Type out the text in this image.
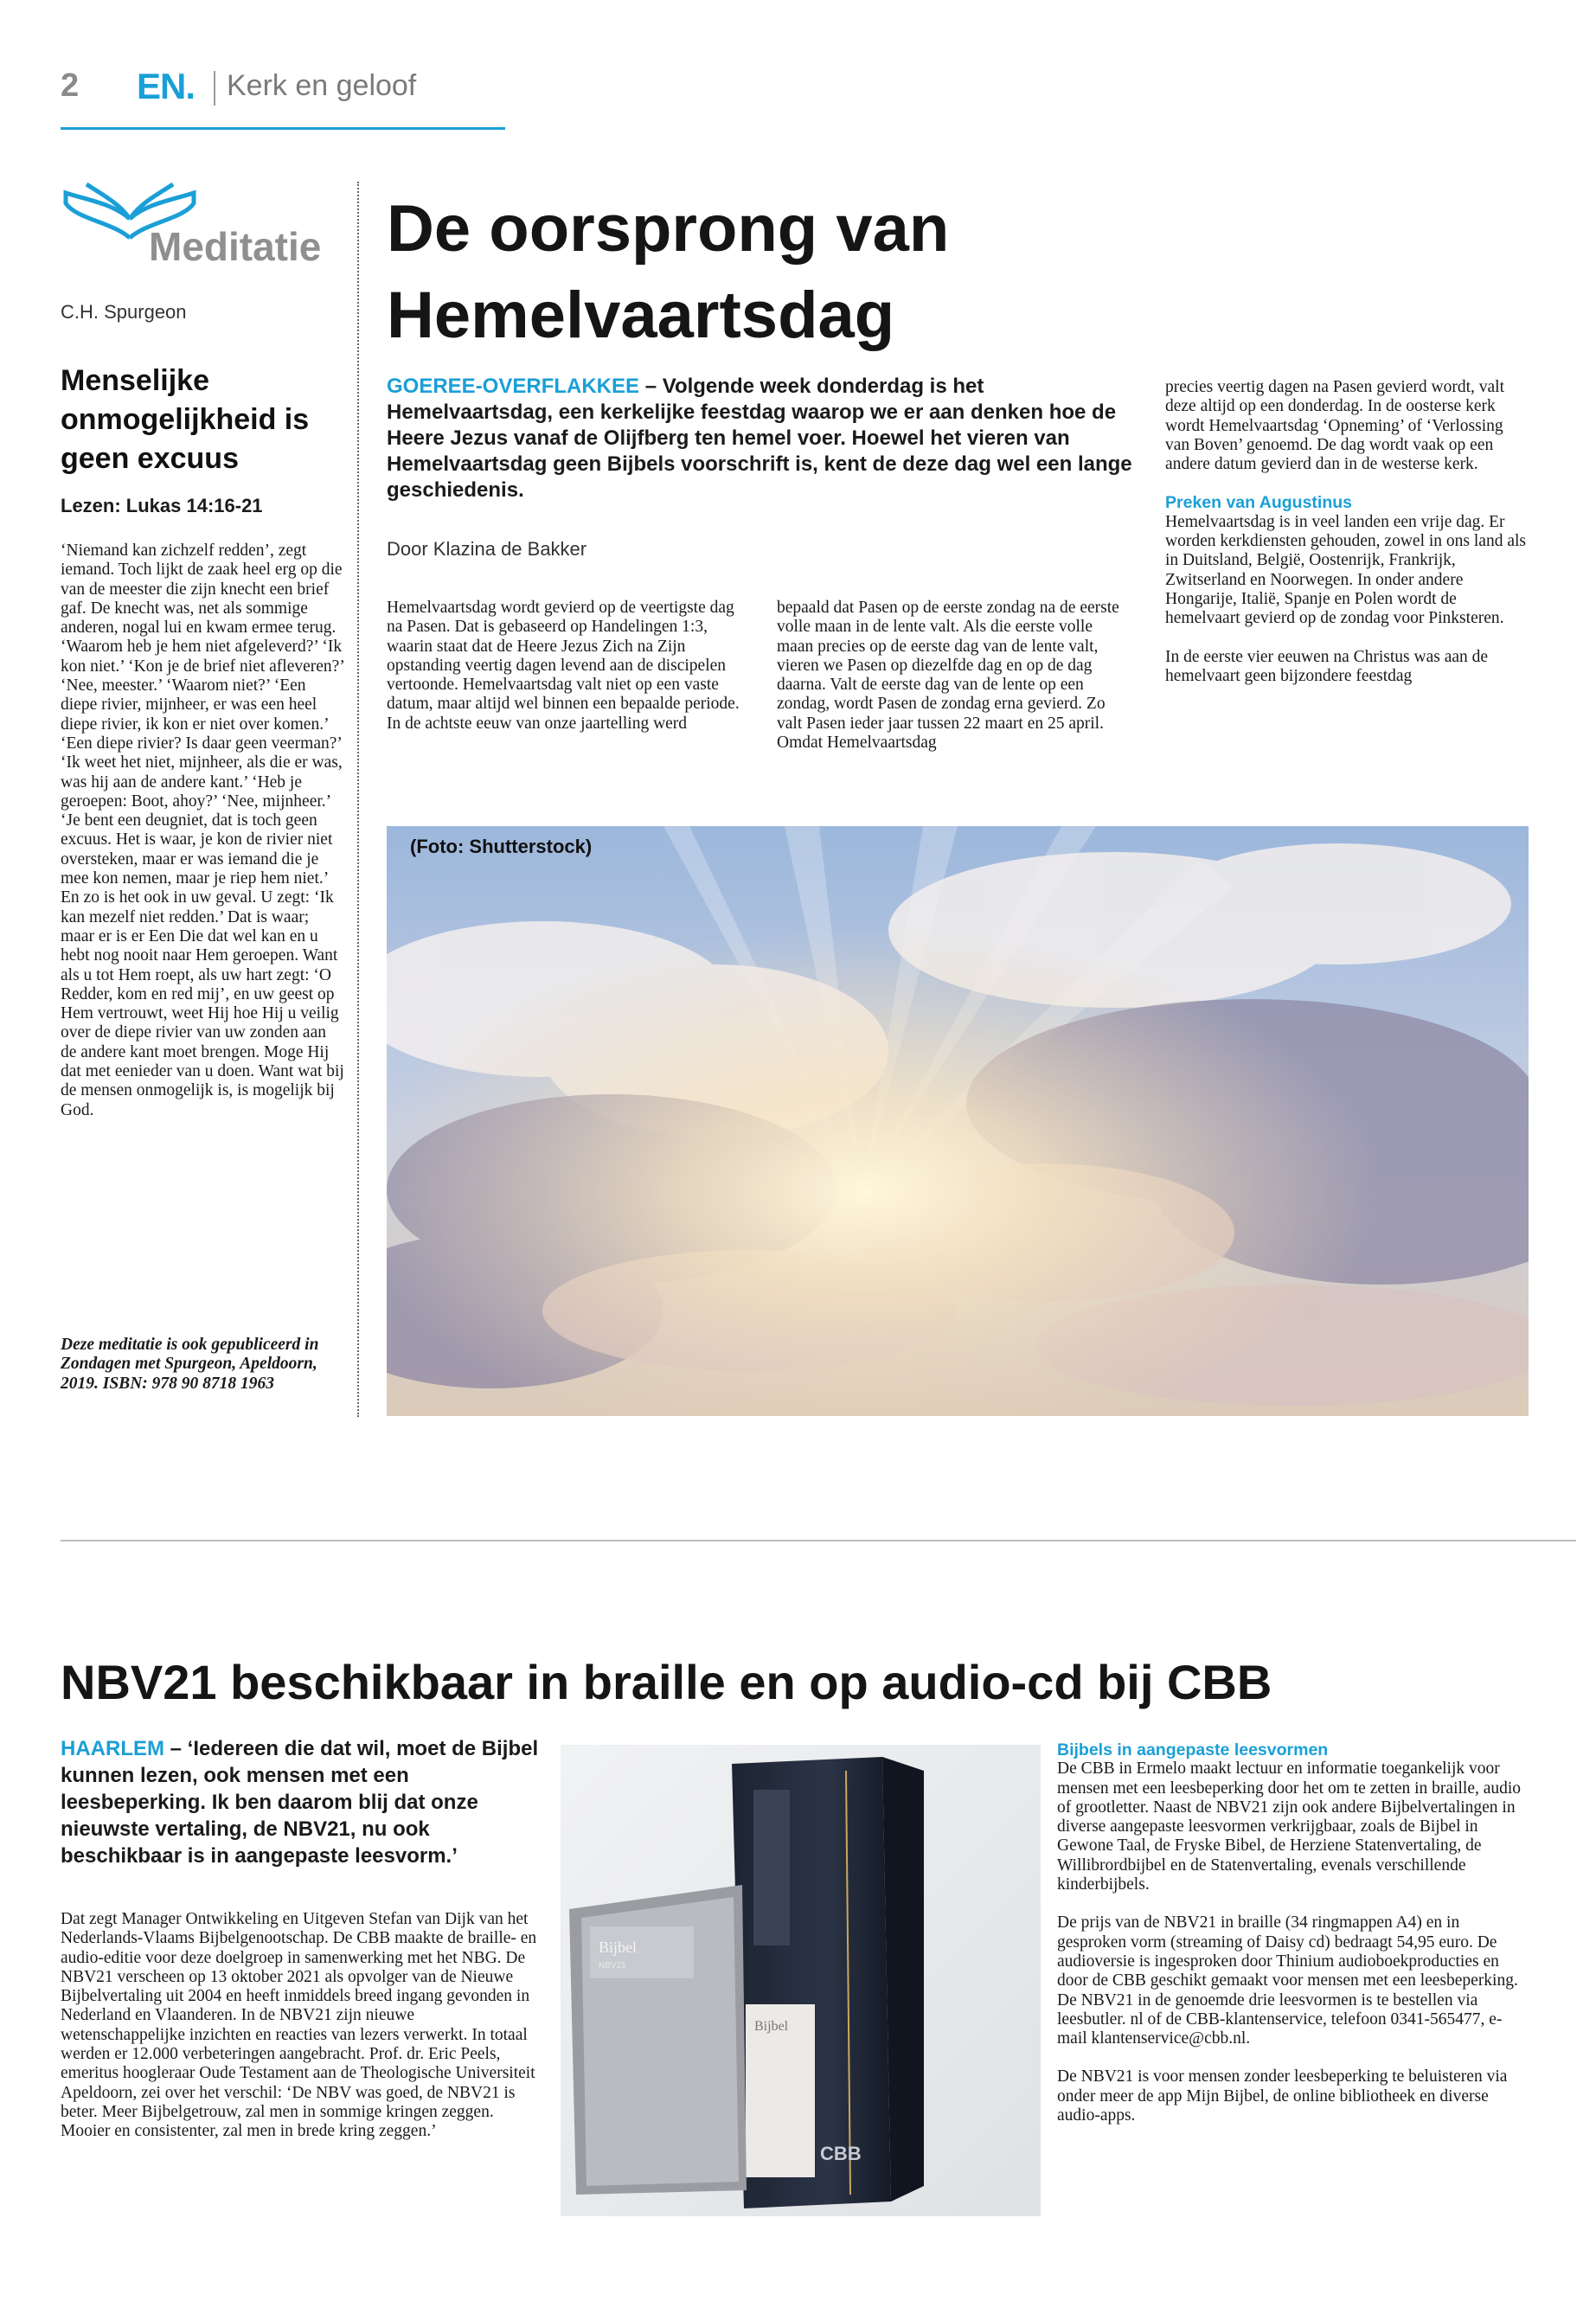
2 EN. Kerk en geloof
Meditatie
C.H. Spurgeon
Menselijke onmogelijkheid is geen excuus
Lezen: Lukas 14:16-21

‘Niemand kan zichzelf redden’, zegt iemand. Toch lijkt de zaak heel erg op die van de meester die zijn knecht een brief gaf. De knecht was, net als sommige anderen, nogal lui en kwam ermee terug. ‘Waarom heb je hem niet afgeleverd?’ ‘Ik kon niet.’ ‘Kon je de brief niet afleveren?’ ‘Nee, meester.’ ‘Waarom niet?’ ‘Een diepe rivier, mijnheer, er was een heel diepe rivier, ik kon er niet over komen.’ ‘Een diepe rivier? Is daar geen veerman?’ ‘Ik weet het niet, mijnheer, als die er was, was hij aan de andere kant.’ ‘Heb je geroepen: Boot, ahoy?’ ‘Nee, mijnheer.’ ‘Je bent een deugniet, dat is toch geen excuus. Het is waar, je kon de rivier niet oversteken, maar er was iemand die je mee kon nemen, maar je riep hem niet.’ En zo is het ook in uw geval. U zegt: ‘Ik kan mezelf niet redden.’ Dat is waar; maar er is er Een Die dat wel kan en u hebt nog nooit naar Hem geroepen. Want als u tot Hem roept, als uw hart zegt: ‘O Redder, kom en red mij’, en uw geest op Hem vertrouwt, weet Hij hoe Hij u veilig over de diepe rivier van uw zonden aan de andere kant moet brengen. Moge Hij dat met eenieder van u doen. Want wat bij de mensen onmogelijk is, is mogelijk bij God.

Deze meditatie is ook gepubliceerd in Zondagen met Spurgeon, Apeldoorn, 2019. ISBN: 978 90 8718 1963

De oorsprong van Hemelvaartsdag

GOEREE-OVERFLAKKEE – Volgende week donderdag is het Hemelvaartsdag, een kerkelijke feestdag waarop we er aan denken hoe de Heere Jezus vanaf de Olijfberg ten hemel voer. Hoewel het vieren van Hemelvaartsdag geen Bijbels voorschrift is, kent de deze dag wel een lange geschiedenis.

Door Klazina de Bakker

Hemelvaartsdag wordt gevierd op de veertigste dag na Pasen. Dat is gebaseerd op Handelingen 1:3, waarin staat dat de Heere Jezus Zich na Zijn opstanding veertig dagen levend aan de discipelen vertoonde. Hemelvaartsdag valt niet op een vaste datum, maar altijd wel binnen een bepaalde periode. In de achtste eeuw van onze jaartelling werd

bepaald dat Pasen op de eerste zondag na de eerste volle maan in de lente valt. Als die eerste volle maan precies op de eerste dag van de lente valt, vieren we Pasen op diezelfde dag en op de dag daarna. Valt de eerste dag van de lente op een zondag, wordt Pasen de zondag erna gevierd. Zo valt Pasen ieder jaar tussen 22 maart en 25 april. Omdat Hemelvaartsdag

precies veertig dagen na Pasen gevierd wordt, valt deze altijd op een donderdag. In de oosterse kerk wordt Hemelvaartsdag ‘Opneming’ of ‘Verlossing van Boven’ genoemd. De dag wordt vaak op een andere datum gevierd dan in de westerse kerk.

Preken van Augustinus

Hemelvaartsdag is in veel landen een vrije dag. Er worden kerkdiensten gehouden, zowel in ons land als in Duitsland, België, Oostenrijk, Frankrijk, Zwitserland en Noorwegen. In onder andere Hongarije, Italië, Spanje en Polen wordt de hemelvaart gevierd op de zondag voor Pinksteren.

In de eerste vier eeuwen na Christus was aan de hemelvaart geen bijzondere feestdag

(Foto: Shutterstock)
NBV21 beschikbaar in braille en op audio-cd bij CBB

HAARLEM – ‘Iedereen die dat wil, moet de Bijbel kunnen lezen, ook mensen met een leesbeperking. Ik ben daarom blij dat onze nieuwste vertaling, de NBV21, nu ook beschikbaar is in aangepaste leesvorm.’

Dat zegt Manager Ontwikkeling en Uitgeven Stefan van Dijk van het Nederlands-Vlaams Bijbelgenootschap. De CBB maakte de braille- en audio-editie voor deze doelgroep in samenwerking met het NBG. De NBV21 verscheen op 13 oktober 2021 als opvolger van de Nieuwe Bijbelvertaling uit 2004 en heeft inmiddels breed ingang gevonden in Nederland en Vlaanderen. In de NBV21 zijn nieuwe wetenschappelijke inzichten en reacties van lezers verwerkt. In totaal werden er 12.000 verbeteringen aangebracht. Prof. dr. Eric Peels, emeritus hoogleraar Oude Testament aan de Theologische Universiteit Apeldoorn, zei over het verschil: ‘De NBV was goed, de NBV21 is beter. Meer Bijbelgetrouw, zal men in sommige kringen zeggen. Mooier en consistenter, zal men in brede kring zeggen.’

Bijbel
CBB
Bijbel
NBV21

Bijbels in aangepaste leesvormen

De CBB in Ermelo maakt lectuur en informatie toegankelijk voor mensen met een leesbeperking door het om te zetten in braille, audio of grootletter. Naast de NBV21 zijn ook andere Bijbelvertalingen in diverse aangepaste leesvormen verkrijgbaar, zoals de Bijbel in Gewone Taal, de Fryske Bibel, de Herziene Statenvertaling, de Willibrordbijbel en de Statenvertaling, evenals verschillende kinderbijbels.

De prijs van de NBV21 in braille (34 ringmappen A4) en in gesproken vorm (streaming of Daisy cd) bedraagt 54,95 euro. De audioversie is ingesproken door Thinium audioboekproducties en door de CBB geschikt gemaakt voor mensen met een leesbeperking. De NBV21 in de genoemde drie leesvormen is te bestellen via leesbutler. nl of de CBB-klantenservice, telefoon 0341-565477, e-mail klantenservice@cbb.nl.

De NBV21 is voor mensen zonder leesbeperking te beluisteren via onder meer de app Mijn Bijbel, de online bibliotheek en diverse audio-apps.
